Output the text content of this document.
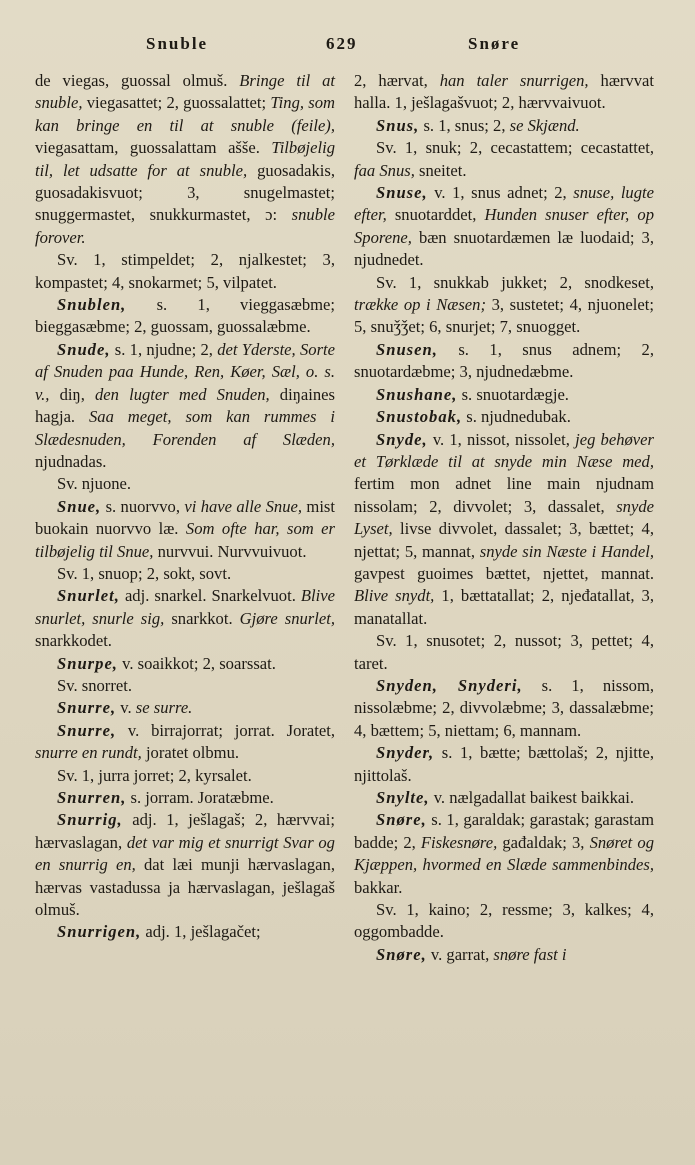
Snuble	629	Snøre

de viegas, guossal olmuš. Bringe til at snuble, viegasattet; 2, guossalattet; Ting, som kan bringe en til at snuble (feile), viegasattam, guossalattam ašše. Tilbøjelig til, let udsatte for at snuble, guosadakis, guosadakisvuot; 3, snugelmastet; snuggermastet, snukkurmastet, ɔ: snuble forover.

Sv. 1, stimpeldet; 2, njalkestet; 3, kompastet; 4, snokarmet; 5, vilpatet.

Snublen, s. 1, vieggasæbme; bieggasæbme; 2, guossam, guossalæbme.

Snude, s. 1, njudne; 2, det Yderste, Sorte af Snuden paa Hunde, Ren, Køer, Sæl, o. s. v., diŋ, den lugter med Snuden, diŋaines hagja. Saa meget, som kan rummes i Slædesnuden, Forenden af Slæden, njudnadas.

Sv. njuone.

Snue, s. nuorvvo, vi have alle Snue, mist buokain nuorvvo læ. Som ofte har, som er tilbøjelig til Snue, nurvvui. Nurvvuivuot.

Sv. 1, snuop; 2, sokt, sovt.

Snurlet, adj. snarkel. Snarkelvuot. Blive snurlet, snurle sig, snarkkot. Gjøre snurlet, snarkkodet.

Snurpe, v. soaikkot; 2, soarssat.

Sv. snorret.

Snurre, v. se surre.

Snurre, v. birrajorrat; jorrat. Joratet, snurre en rundt, joratet olbmu.

Sv. 1, jurra jorret; 2, kyrsalet.

Snurren, s. jorram. Joratæbme.

Snurrig, adj. 1, ješlagaš; 2, hærvvai; hærvaslagan, det var mig et snurrigt Svar og en snurrig en, dat læi munji hærvaslagan, hærvas vastadussa ja hærvaslagan, ješlagaš olmuš.

Snurrigen, adj. 1, ješlagačet;

2, hærvat, han taler snurrigen, hærvvat halla. 1, ješlagašvuot; 2, hærvvaivuot.

Snus, s. 1, snus; 2, se Skjænd.

Sv. 1, snuk; 2, cecastattem; cecastattet, faa Snus, sneitet.

Snuse, v. 1, snus adnet; 2, snuse, lugte efter, snuotarddet, Hunden snuser efter, op Sporene, bæn snuotardæmen læ luodaid; 3, njudnedet.

Sv. 1, snukkab jukket; 2, snodkeset, trække op i Næsen; 3, sustetet; 4, njuonelet; 5, snuǯǯet; 6, snurjet; 7, snuogget.

Snusen, s. 1, snus adnem; 2, snuotardæbme; 3, njudnedæbme.

Snushane, s. snuotardægje.

Snustobak, s. njudnedubak.

Snyde, v. 1, nissot, nissolet, jeg behøver et Tørklæde til at snyde min Næse med, fertim mon adnet line main njudnam nissolam; 2, divvolet; 3, dassalet, snyde Lyset, livse divvolet, dassalet; 3, bættet; 4, njettat; 5, mannat, snyde sin Næste i Handel, gavpest guoimes bættet, njettet, mannat. Blive snydt, 1, bættatallat; 2, njeđatallat, 3, manatallat.

Sv. 1, snusotet; 2, nussot; 3, pettet; 4, taret.

Snyden, Snyderi, s. 1, nissom, nissolæbme; 2, divvolæbme; 3, dassalæbme; 4, bættem; 5, niettam; 6, mannam.

Snyder, s. 1, bætte; bættolaš; 2, njitte, njittolaš.

Snylte, v. nælgadallat baikest baikkai.

Snøre, s. 1, garaldak; garastak; garastam badde; 2, Fiskesnøre, gađaldak; 3, Snøret og Kjæppen, hvormed en Slæde sammenbindes, bakkar.

Sv. 1, kaino; 2, ressme; 3, kalkes; 4, oggombadde.

Snøre, v. garrat, snøre fast i
